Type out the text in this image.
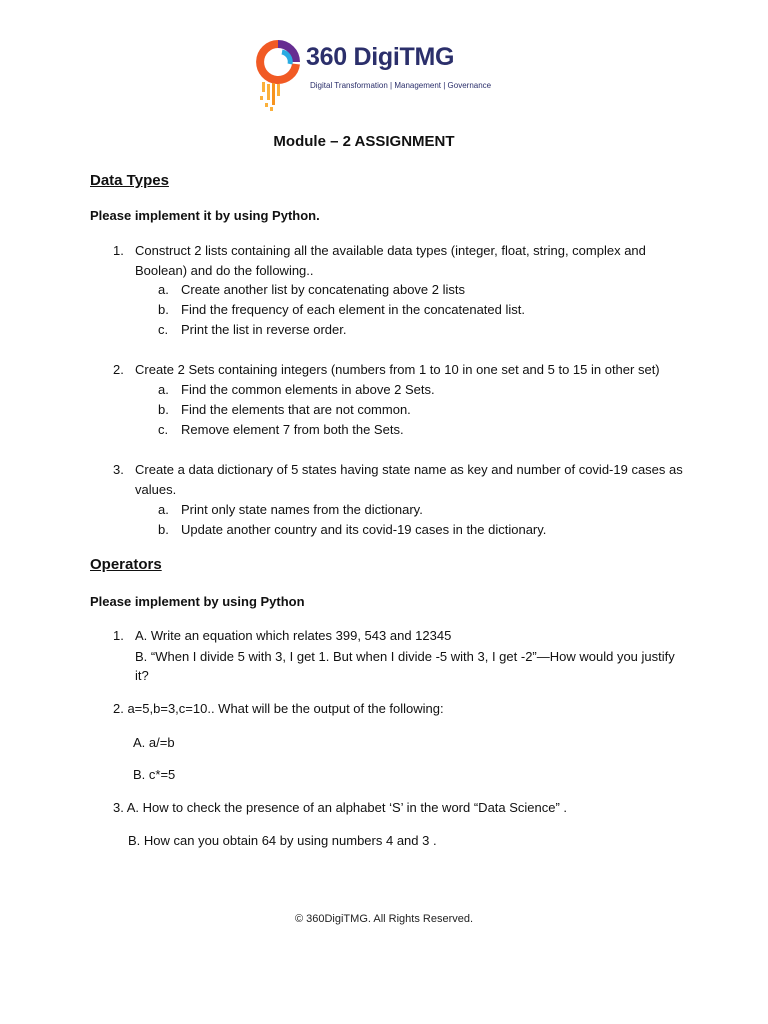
360 DigiTMG
Digital Transformation | Management | Governance
Module – 2 ASSIGNMENT
Data Types
Please implement it by using Python.
1. Construct 2 lists containing all the available data types (integer, float, string, complex and
Boolean) and do the following..
a. Create another list by concatenating above 2 lists
b. Find the frequency of each element in the concatenated list.
c. Print the list in reverse order.
2. Create 2 Sets containing integers (numbers from 1 to 10 in one set and 5 to 15 in other set)
a. Find the common elements in above 2 Sets.
b. Find the elements that are not common.
c. Remove element 7 from both the Sets.
3. Create a data dictionary of 5 states having state name as key and number of covid-19 cases as
values.
a. Print only state names from the dictionary.
b. Update another country and its covid-19 cases in the dictionary.
Operators
Please implement by using Python
1. A. Write an equation which relates 399, 543 and 12345
B. “When I divide 5 with 3, I get 1. But when I divide -5 with 3, I get -2”—How would you justify
it?
2. a=5,b=3,c=10.. What will be the output of the following:
A. a/=b
B. c*=5
3. A. How to check the presence of an alphabet ‘S’ in the word “Data Science” .
B. How can you obtain 64 by using numbers 4 and 3 .
© 360DigiTMG. All Rights Reserved.
